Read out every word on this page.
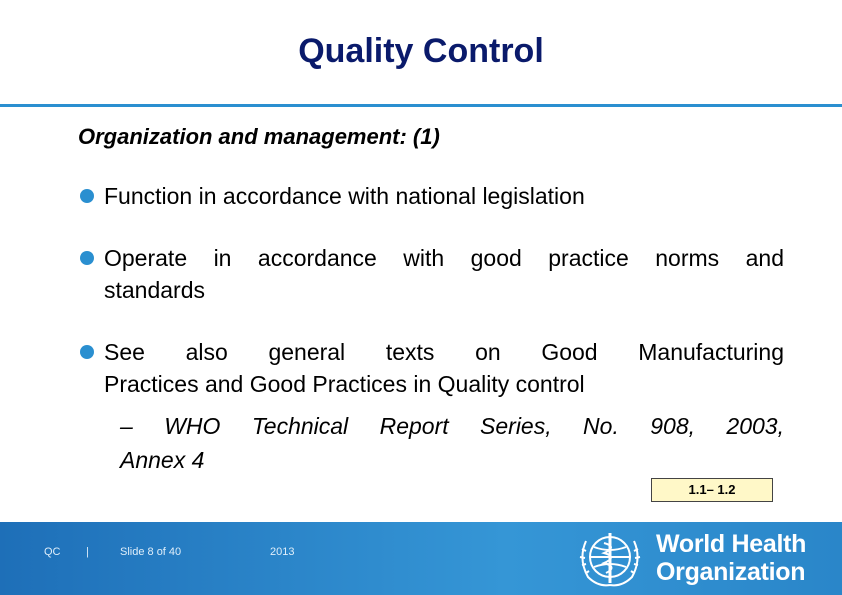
Quality Control
Organization and management: (1)
Function in accordance with national legislation
Operate in accordance with good practice norms and
standards
See also general texts on Good Manufacturing
Practices and Good Practices in Quality control
– WHO Technical Report Series, No. 908, 2003,
Annex 4
1.1– 1.2
QC |	Slide 8 of 40	2013	World Health
Organization
